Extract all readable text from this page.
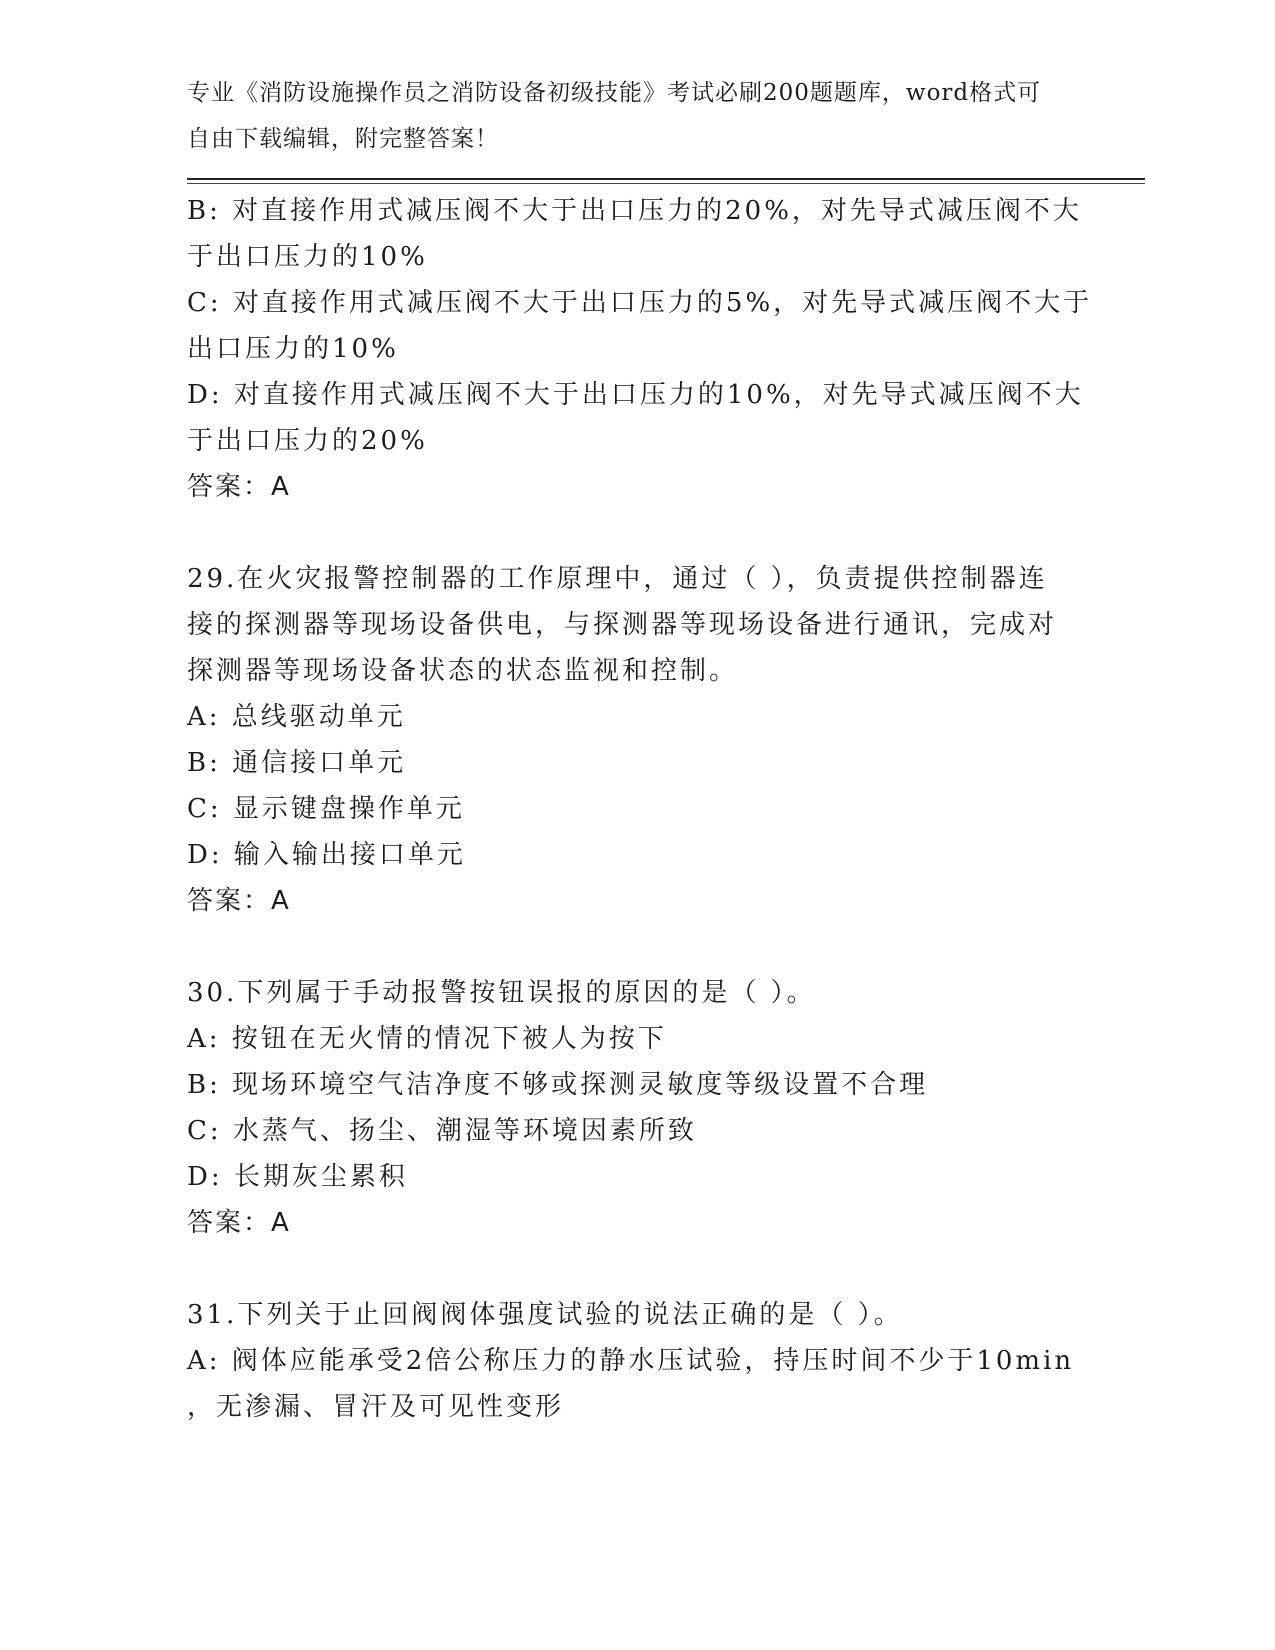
专业《消防设施操作员之消防设备初级技能》考试必刷200题题库，word格式可
自由下载编辑，附完整答案！
B: 对直接作用式减压阀不大于出口压力的20%，对先导式减压阀不大
于出口压力的10%
C: 对直接作用式减压阀不大于出口压力的5%，对先导式减压阀不大于
出口压力的10%
D: 对直接作用式减压阀不大于出口压力的10%，对先导式减压阀不大
于出口压力的20%
答案：A
29.在火灾报警控制器的工作原理中，通过（ ），负责提供控制器连
接的探测器等现场设备供电，与探测器等现场设备进行通讯，完成对
探测器等现场设备状态的状态监视和控制。
A: 总线驱动单元
B: 通信接口单元
C: 显示键盘操作单元
D: 输入输出接口单元
答案：A
30.下列属于手动报警按钮误报的原因的是（ ）。
A: 按钮在无火情的情况下被人为按下
B: 现场环境空气洁净度不够或探测灵敏度等级设置不合理
C: 水蒸气、扬尘、潮湿等环境因素所致
D: 长期灰尘累积
答案：A
31.下列关于止回阀阀体强度试验的说法正确的是（ ）。
A: 阀体应能承受2倍公称压力的静水压试验，持压时间不少于10min
，无渗漏、冒汗及可见性变形
